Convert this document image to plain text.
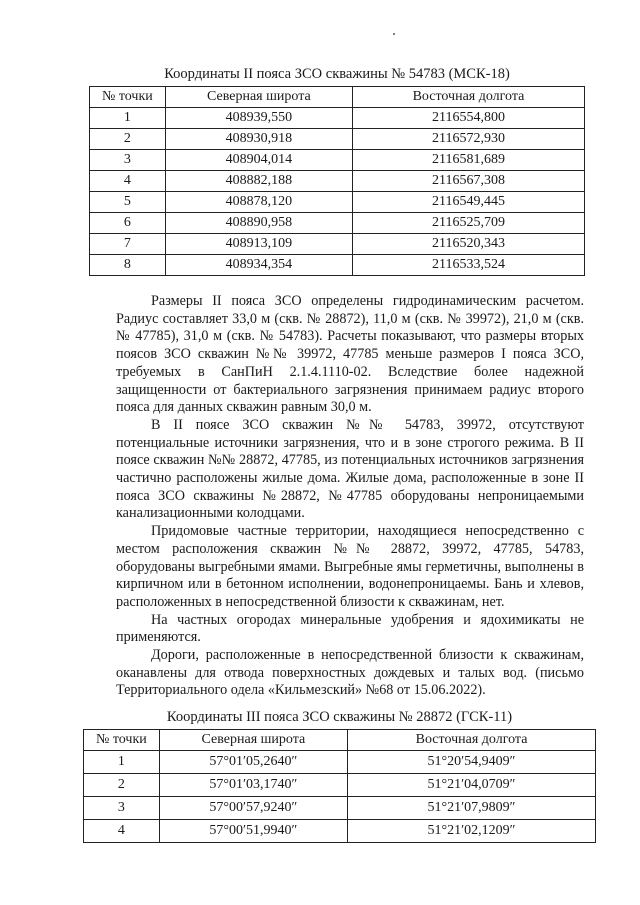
Координаты II пояса ЗСО скважины № 54783 (МСК-18)
№ точки	Северная широта	Восточная долгота
1	408939,550	2116554,800
2	408930,918	2116572,930
3	408904,014	2116581,689
4	408882,188	2116567,308
5	408878,120	2116549,445
6	408890,958	2116525,709
7	408913,109	2116520,343
8	408934,354	2116533,524

Размеры II пояса ЗСО определены гидродинамическим расчетом. Радиус составляет 33,0 м (скв. № 28872), 11,0 м (скв. № 39972), 21,0 м (скв. № 47785), 31,0 м (скв. № 54783). Расчеты показывают, что размеры вторых поясов ЗСО скважин №№ 39972, 47785 меньше размеров I пояса ЗСО, требуемых в СанПиН 2.1.4.1110-02. Вследствие более надежной защищенности от бактериального загрязнения принимаем радиус второго пояса для данных скважин равным 30,0 м.

В II поясе ЗСО скважин №№ 54783, 39972, отсутствуют потенциальные источники загрязнения, что и в зоне строгого режима. В II поясе скважин №№ 28872, 47785, из потенциальных источников загрязнения частично расположены жилые дома. Жилые дома, расположенные в зоне II пояса ЗСО скважины №28872, №47785 оборудованы непроницаемыми канализационными колодцами.

Придомовые частные территории, находящиеся непосредственно с местом расположения скважин №№ 28872, 39972, 47785, 54783, оборудованы выгребными ямами. Выгребные ямы герметичны, выполнены в кирпичном или в бетонном исполнении, водонепроницаемы. Бань и хлевов, расположенных в непосредственной близости к скважинам, нет.

На частных огородах минеральные удобрения и ядохимикаты не применяются.

Дороги, расположенные в непосредственной близости к скважинам, оканавлены для отвода поверхностных дождевых и талых вод. (письмо Территориального одела «Кильмезский» №68 от 15.06.2022).

Координаты III пояса ЗСО скважины № 28872 (ГСК-11)
№ точки	Северная широта	Восточная долгота
1	57°01′05,2640″	51°20′54,9409″
2	57°01′03,1740″	51°21′04,0709″
3	57°00′57,9240″	51°21′07,9809″
4	57°00′51,9940″	51°21′02,1209″
